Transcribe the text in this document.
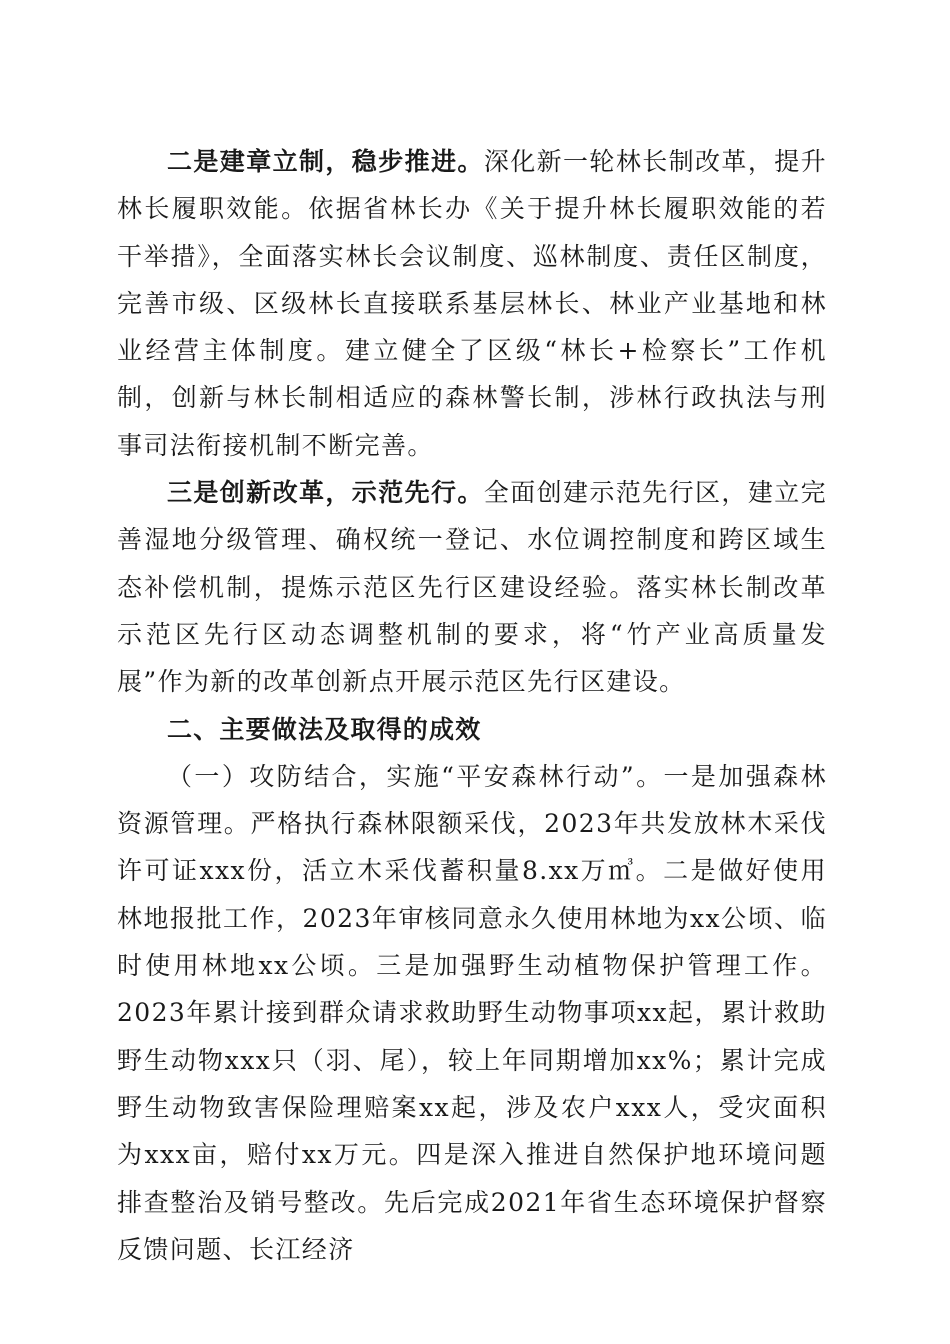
二是建章立制，稳步推进。深化新一轮林长制改革，提升林长履职效能。依据省林长办《关于提升林长履职效能的若干举措》，全面落实林长会议制度、巡林制度、责任区制度，完善市级、区级林长直接联系基层林长、林业产业基地和林业经营主体制度。建立健全了区级“林长+检察长”工作机制，创新与林长制相适应的森林警长制，涉林行政执法与刑事司法衔接机制不断完善。

三是创新改革，示范先行。全面创建示范先行区，建立完善湿地分级管理、确权统一登记、水位调控制度和跨区域生态补偿机制，提炼示范区先行区建设经验。落实林长制改革示范区先行区动态调整机制的要求，将“竹产业高质量发展”作为新的改革创新点开展示范区先行区建设。

二、主要做法及取得的成效

（一）攻防结合，实施“平安森林行动”。一是加强森林资源管理。严格执行森林限额采伐，2023年共发放林木采伐许可证xxx份，活立木采伐蓄积量8.xx万㎥。二是做好使用林地报批工作，2023年审核同意永久使用林地为xx公顷、临时使用林地xx公顷。三是加强野生动植物保护管理工作。2023年累计接到群众请求救助野生动物事项xx起，累计救助野生动物xxx只（羽、尾），较上年同期增加xx%；累计完成野生动物致害保险理赔案xx起，涉及农户xxx人，受灾面积为xxx亩，赔付xx万元。四是深入推进自然保护地环境问题排查整治及销号整改。先后完成2021年省生态环境保护督察反馈问题、长江经济
